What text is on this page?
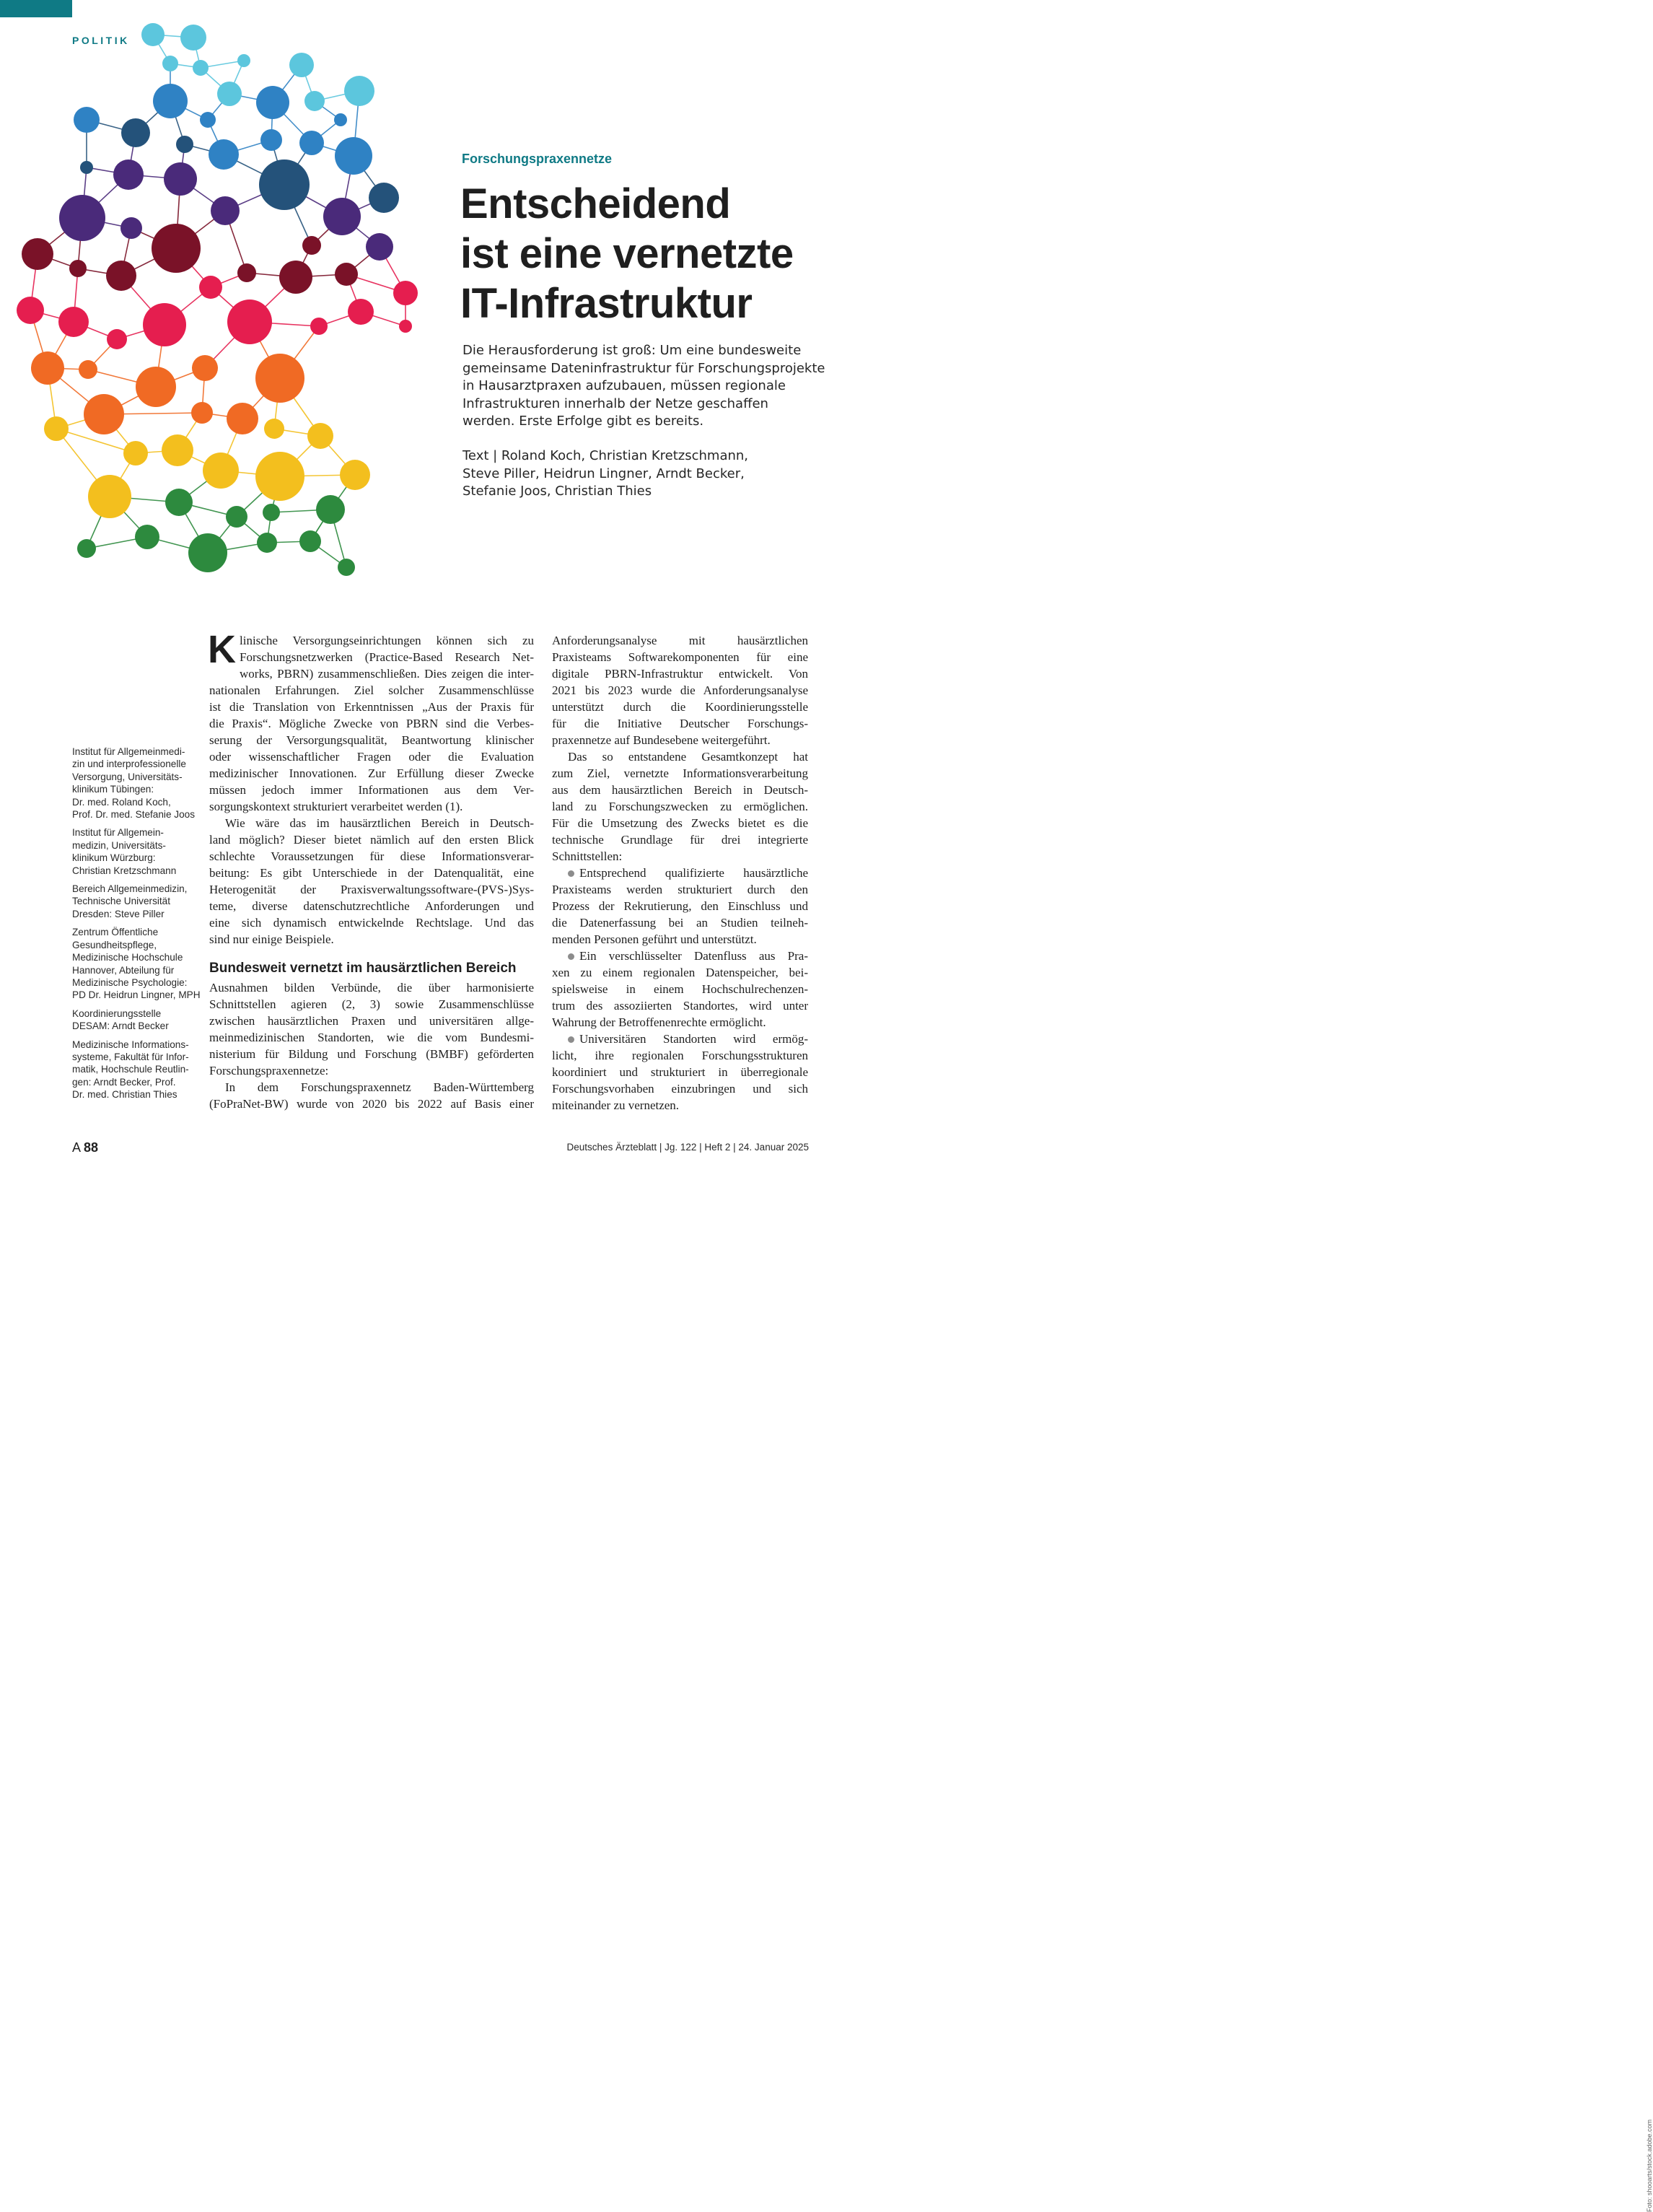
POLITIK
Forschungspraxennetze
Entscheidend
ist eine vernetzte
IT-Infrastruktur
Die Herausforderung ist groß: Um eine bundesweite
gemeinsame Dateninfrastruktur für Forschungsprojekte
in Hausarztpraxen aufzubauen, müssen regionale
Infrastrukturen innerhalb der Netze geschaffen
werden. Erste Erfolge gibt es bereits.
Text | Roland Koch, Christian Kretzschmann,
Steve Piller, Heidrun Lingner, Arndt Becker,
Stefanie Joos, Christian Thies
Institut für Allgemeinmedi-
zin und interprofessionelle
Versorgung, Universitäts-
klinikum Tübingen:
Dr. med. Roland Koch,
Prof. Dr. med. Stefanie Joos
Institut für Allgemein-
medizin, Universitäts-
klinikum Würzburg:
Christian Kretzschmann
Bereich Allgemeinmedizin,
Technische Universität
Dresden: Steve Piller
Zentrum Öffentliche
Gesundheitspflege,
Medizinische Hochschule
Hannover, Abteilung für
Medizinische Psychologie:
PD Dr. Heidrun Lingner, MPH
Koordinierungsstelle
DESAM: Arndt Becker
Medizinische Informations-
systeme, Fakultät für Infor-
matik, Hochschule Reutlin-
gen: Arndt Becker, Prof.
Dr. med. Christian Thies
K linische Versorgungseinrichtungen können sich zu
Forschungsnetzwerken (Practice-Based Research Net-
works, PBRN) zusammenschließen. Dies zeigen die inter-
nationalen Erfahrungen. Ziel solcher Zusammenschlüsse
ist die Translation von Erkenntnissen „Aus der Praxis für
die Praxis“. Mögliche Zwecke von PBRN sind die Verbes-
serung der Versorgungsqualität, Beantwortung klinischer
oder wissenschaftlicher Fragen oder die Evaluation
medizinischer Innovationen. Zur Erfüllung dieser Zwecke
müssen jedoch immer Informationen aus dem Ver-
sorgungskontext strukturiert verarbeitet werden (1).
Wie wäre das im hausärztlichen Bereich in Deutsch-
land möglich? Dieser bietet nämlich auf den ersten Blick
schlechte Voraussetzungen für diese Informationsverar-
beitung: Es gibt Unterschiede in der Datenqualität, eine
Heterogenität der Praxisverwaltungssoftware-(PVS-)Sys-
teme, diverse datenschutzrechtliche Anforderungen und
eine sich dynamisch entwickelnde Rechtslage. Und das
sind nur einige Beispiele.
Bundesweit vernetzt im hausärztlichen Bereich
Ausnahmen bilden Verbünde, die über harmonisierte
Schnittstellen agieren (2, 3) sowie Zusammenschlüsse
zwischen hausärztlichen Praxen und universitären allge-
meinmedizinischen Standorten, wie die vom Bundesmi-
nisterium für Bildung und Forschung (BMBF) geförderten
Forschungspraxennetze:
In dem Forschungspraxennetz Baden-Württemberg
(FoPraNet-BW) wurde von 2020 bis 2022 auf Basis einer
Anforderungsanalyse mit hausärztlichen
Praxisteams Softwarekomponenten für eine
digitale PBRN-Infrastruktur entwickelt. Von
2021 bis 2023 wurde die Anforderungsanalyse
unterstützt durch die Koordinierungsstelle
für die Initiative Deutscher Forschungs-
praxennetze auf Bundesebene weitergeführt.
Das so entstandene Gesamtkonzept hat
zum Ziel, vernetzte Informationsverarbeitung
aus dem hausärztlichen Bereich in Deutsch-
land zu Forschungszwecken zu ermöglichen.
Für die Umsetzung des Zwecks bietet es die
technische Grundlage für drei integrierte
Schnittstellen:
Entsprechend qualifizierte hausärztliche
Praxisteams werden strukturiert durch den
Prozess der Rekrutierung, den Einschluss und
die Datenerfassung bei an Studien teilneh-
menden Personen geführt und unterstützt.
Ein verschlüsselter Datenfluss aus Pra-
xen zu einem regionalen Datenspeicher, bei-
spielsweise in einem Hochschulrechenzen-
trum des assoziierten Standortes, wird unter
Wahrung der Betroffenenrechte ermöglicht.
Universitären Standorten wird ermög-
licht, ihre regionalen Forschungsstrukturen
koordiniert und strukturiert in überregionale
Forschungsvorhaben einzubringen und sich
miteinander zu vernetzen.
Foto: shooarts/stock.adobe.com
A 88	Deutsches Ärzteblatt | Jg. 122 | Heft 2 | 24. Januar 2025
